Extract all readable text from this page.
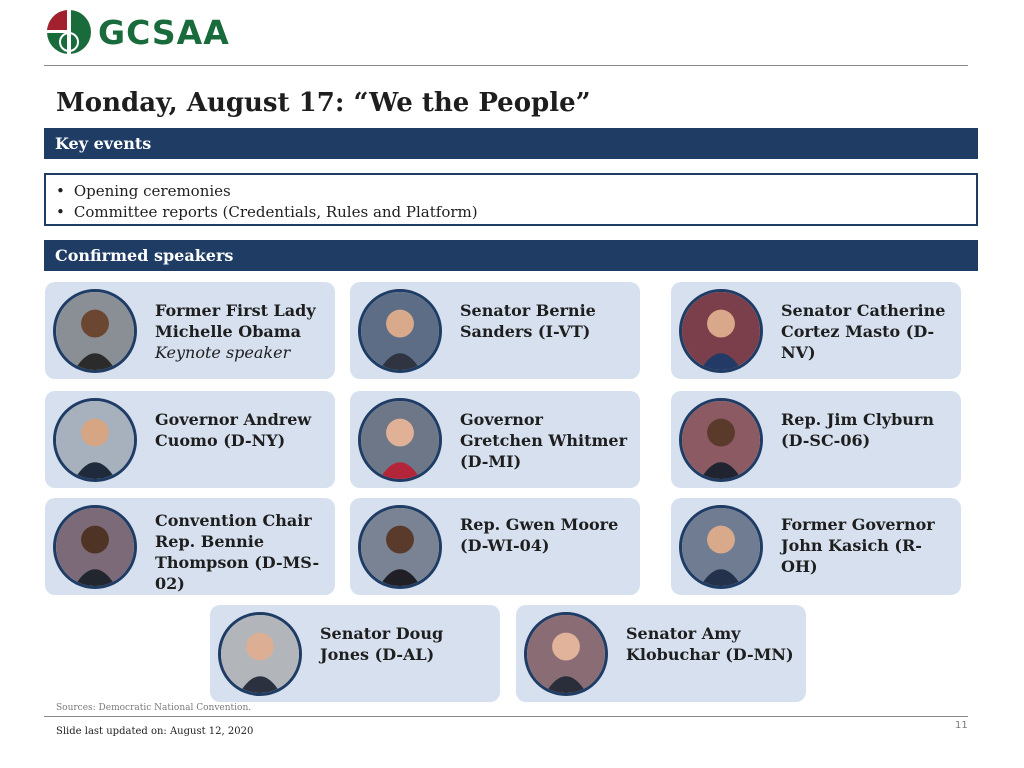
GCSAA
Monday, August 17: “We the People”
Key events
• Opening ceremonies
• Committee reports (Credentials, Rules and Platform)
Confirmed speakers
Former First Lady Michelle Obama
Keynote speaker
Senator Bernie Sanders (I-VT)
Senator Catherine Cortez Masto (D-NV)
Governor Andrew Cuomo (D-NY)
Governor Gretchen Whitmer (D-MI)
Rep. Jim Clyburn (D-SC-06)
Convention Chair Rep. Bennie Thompson (D-MS-02)
Rep. Gwen Moore (D-WI-04)
Former Governor John Kasich (R-OH)
Senator Doug Jones (D-AL)
Senator Amy Klobuchar (D-MN)
Sources: Democratic National Convention.
Slide last updated on: August 12, 2020
11
